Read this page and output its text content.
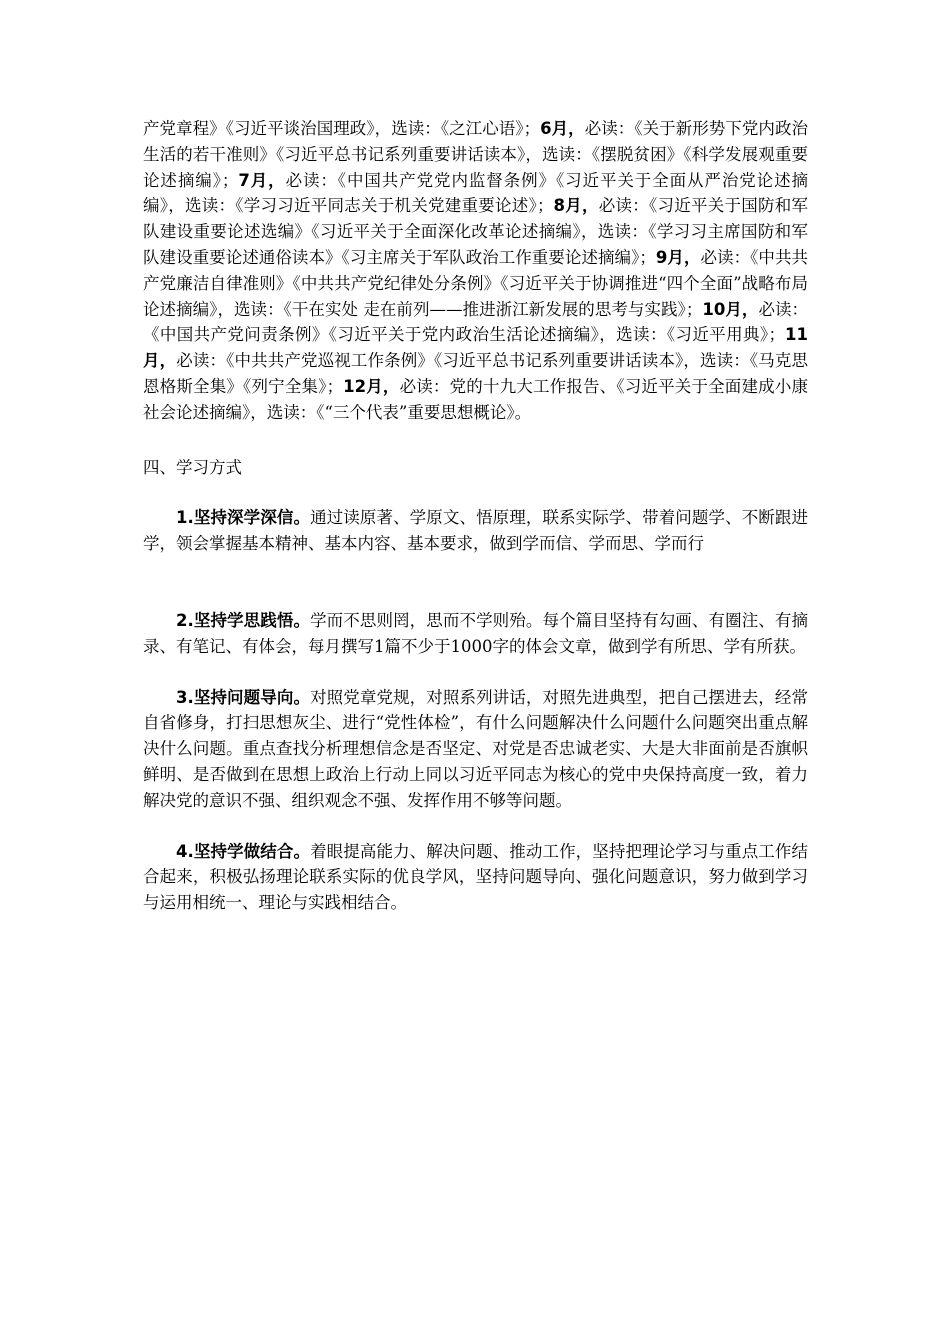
产党章程》《习近平谈治国理政》，选读：《之江心语》；6月，必读：《关于新形势下党内政治生活的若干准则》《习近平总书记系列重要讲话读本》，选读：《摆脱贫困》《科学发展观重要论述摘编》；7月，必读：《中国共产党党内监督条例》《习近平关于全面从严治党论述摘编》，选读：《学习习近平同志关于机关党建重要论述》；8月，必读：《习近平关于国防和军队建设重要论述选编》《习近平关于全面深化改革论述摘编》，选读：《学习习主席国防和军队建设重要论述通俗读本》《习主席关于军队政治工作重要论述摘编》；9月，必读：《中共共产党廉洁自律准则》《中共共产党纪律处分条例》《习近平关于协调推进“四个全面”战略布局论述摘编》，选读：《干在实处 走在前列——推进浙江新发展的思考与实践》；10月，必读：《中国共产党问责条例》《习近平关于党内政治生活论述摘编》，选读：《习近平用典》；11月，必读：《中共共产党巡视工作条例》《习近平总书记系列重要讲话读本》，选读：《马克思恩格斯全集》《列宁全集》；12月，必读：党的十九大工作报告、《习近平关于全面建成小康社会论述摘编》，选读：《“三个代表”重要思想概论》。

四、学习方式

1.坚持深学深信。通过读原著、学原文、悟原理，联系实际学、带着问题学、不断跟进学，领会掌握基本精神、基本内容、基本要求，做到学而信、学而思、学而行

2.坚持学思践悟。学而不思则罔，思而不学则殆。每个篇目坚持有勾画、有圈注、有摘录、有笔记、有体会，每月撰写1篇不少于1000字的体会文章，做到学有所思、学有所获。

3.坚持问题导向。对照党章党规，对照系列讲话，对照先进典型，把自己摆进去，经常自省修身，打扫思想灰尘、进行“党性体检”，有什么问题解决什么问题什么问题突出重点解决什么问题。重点查找分析理想信念是否坚定、对党是否忠诚老实、大是大非面前是否旗帜鲜明、是否做到在思想上政治上行动上同以习近平同志为核心的党中央保持高度一致，着力解决党的意识不强、组织观念不强、发挥作用不够等问题。

4.坚持学做结合。着眼提高能力、解决问题、推动工作，坚持把理论学习与重点工作结合起来，积极弘扬理论联系实际的优良学风，坚持问题导向、强化问题意识，努力做到学习与运用相统一、理论与实践相结合。
